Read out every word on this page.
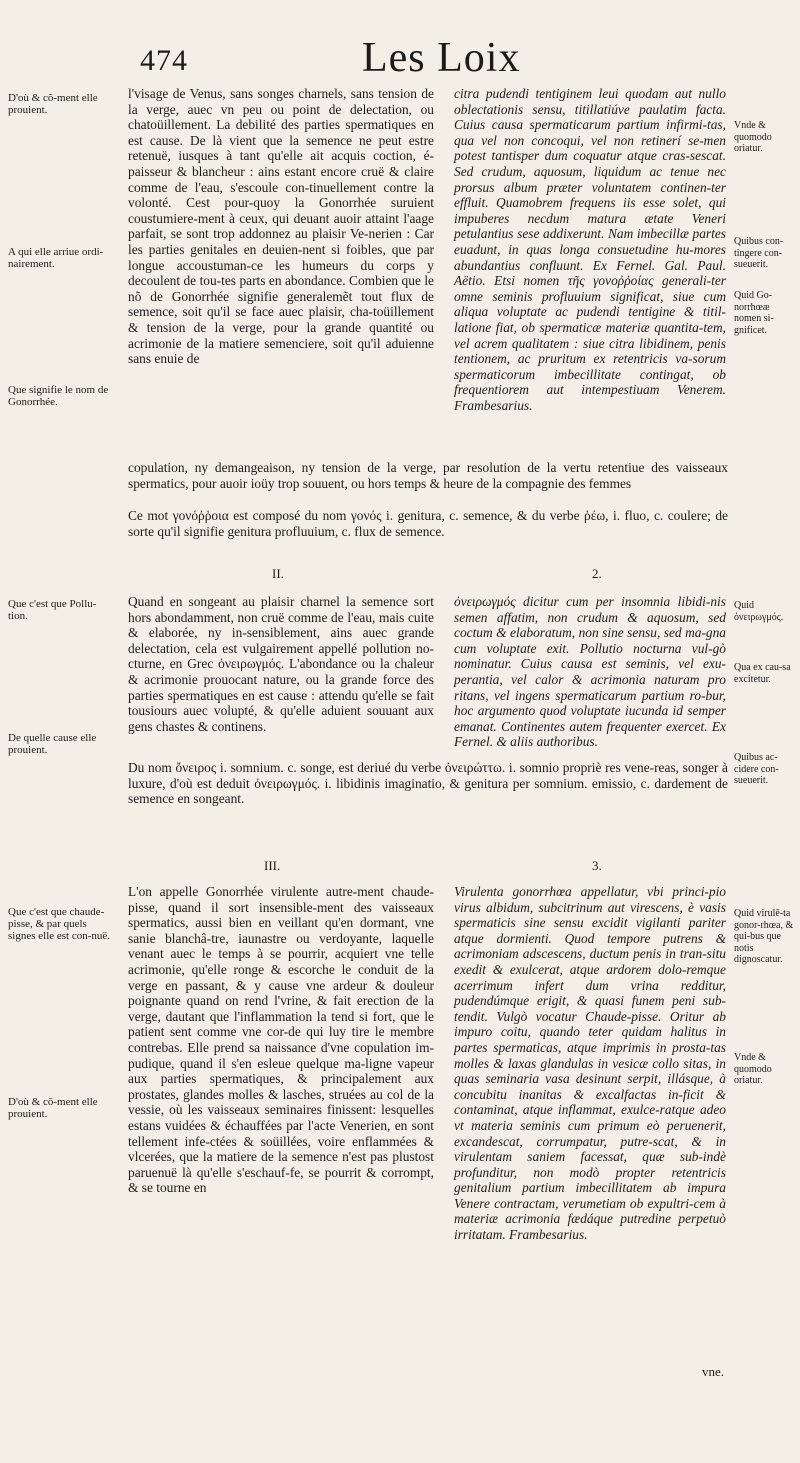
474	Les Loix
D'où & cõ-ment elle prouient.
A qui elle arriue ordi-nairement.
Que signifie le nom de Gonorrhée.
Que c'est que Pollu-tion.
De quelle cause elle prouient.
Que c'est que chaude-pisse, & par quels signes elle est con-nuë.
D'où & cõ-ment elle prouient.
Vnde & quomodo oriatur.
Quibus con-tingere con-sueuerit.
Quid Go-norrhœæ nomen si-gnificet.
Quid ὀνειρωγμός.
Qua ex cau-sa excitetur.
Quibus ac-cidere con-sueuerit.
Quid virulē-ta gonor-rhœa, & qui-bus que notis dignoscatur.
Vnde & quomodo oriatur.

l'visage de Venus, sans songes charnels, sans tension de la verge, auec vn peu ou point de delectation, ou chatoüillement. La debilité des parties spermatiques en est cause. De là vient que la semence ne peut estre retenuë, iusques à tant qu'elle ait acquis coction, é-paisseur & blancheur : ains estant encore cruë & claire comme de l'eau, s'escoule con-tinuellement contre la volonté. Cest pour-quoy la Gonorrhée suruient coustumiere-ment à ceux, qui deuant auoir attaint l'aage parfait, se sont trop addonnez au plaisir Ve-nerien : Car les parties genitales en deuien-nent si foibles, que par longue accoustuman-ce les humeurs du corps y decoulent de tou-tes parts en abondance. Combien que le nõ de Gonorrhée signifie generalemẽt tout flux de semence, soit qu'il se face auec plaisir, cha-toüillement & tension de la verge, pour la grande quantité ou acrimonie de la matiere semenciere, soit qu'il aduienne sans enuie de

citra pudendi tentiginem leui quodam aut nullo oblectationis sensu, titillatiúve paulatim facta. Cuius causa spermaticarum partium infirmi-tas, qua vel non concoqui, vel non retinerí se-men potest tantisper dum coquatur atque cras-sescat. Sed crudum, aquosum, liquidum ac tenue nec prorsus album præter voluntatem continen-ter effluit. Quamobrem frequens iis esse solet, qui impuberes necdum matura ætate Veneri petulantius sese addixerunt. Nam imbecillæ partes euadunt, in quas longa consuetudine hu-mores abundantius confluunt. Ex Fernel. Gal. Paul. Aëtio. Etsi nomen τῆς γονοῤῥοίας generali-ter omne seminis profluuium significat, siue cum aliqua voluptate ac pudendi tentigine & titil-latione fiat, ob spermaticæ materiæ quantita-tem, vel acrem qualitatem : siue citra libidinem, penis tentionem, ac pruritum ex retentricis va-sorum spermaticorum imbecillitate contingat, ob frequentiorem aut intempestiuam Venerem. Frambesarius.

copulation, ny demangeaison, ny tension de la verge, par resolution de la vertu retentiue des vaisseaux spermatics, pour auoir ioüy trop souuent, ou hors temps & heure de la compagnie des femmes

Ce mot γονόῤῥοια est composé du nom γονός i. genitura, c. semence, & du verbe ῥέω, i. fluo, c. coulere; de sorte qu'il signifie genitura profluuium, c. flux de semence.

II.	2.

Quand en songeant au plaisir charnel la semence sort hors abondamment, non cruë comme de l'eau, mais cuite & elaborée, ny in-sensiblement, ains auec grande delectation, cela est vulgairement appellé pollution no-cturne, en Grec ὀνειρωγμός. L'abondance ou la chaleur & acrimonie prouocant nature, ou la grande force des parties spermatiques en est cause : attendu qu'elle se fait tousiours auec volupté, & qu'elle aduient souuant aux gens chastes & continens.

ὀνειρωγμός dicitur cum per insomnia libidi-nis semen affatim, non crudum & aquosum, sed coctum & elaboratum, non sine sensu, sed ma-gna cum voluptate exit. Pollutio nocturna vul-gò nominatur. Cuius causa est seminis, vel exu-perantia, vel calor & acrimonia naturam pro ritans, vel ingens spermaticarum partium ro-bur, hoc argumento quod voluptate iucunda id semper emanat. Continentes autem frequenter exercet. Ex Fernel. & aliis authoribus.

Du nom ὄνειρος i. somnium. c. songe, est deriué du verbe ὀνειρώττω. i. somnio propriè res vene-reas, songer à luxure, d'où est deduit ὀνειρωγμός. i. libidinis imaginatio, & genitura per somnium. emissio, c. dardement de semence en songeant.

III.	3.

L'on appelle Gonorrhée virulente autre-ment chaude-pisse, quand il sort insensible-ment des vaisseaux spermatics, aussi bien en veillant qu'en dormant, vne sanie blanchâ-tre, iaunastre ou verdoyante, laquelle venant auec le temps à se pourrir, acquiert vne telle acrimonie, qu'elle ronge & escorche le conduit de la verge en passant, & y cause vne ardeur & douleur poignante quand on rend l'vrine, & fait erection de la verge, dautant que l'inflammation la tend si fort, que le patient sent comme vne cor-de qui luy tire le membre contrebas. Elle prend sa naissance d'vne copulation im-pudique, quand il s'en esleue quelque ma-ligne vapeur aux parties spermatiques, & principalement aux prostates, glandes molles & lasches, struées au col de la vessie, où les vaisseaux seminaires finissent: lesquelles estans vuidées & échauffées par l'acte Venerien, en sont tellement infe-ctées & soüillées, voire enflammées & vlcerées, que la matiere de la semence n'est pas plustost paruenuë là qu'elle s'eschauf-fe, se pourrit & corrompt, & se tourne en

Virulenta gonorrhœa appellatur, vbi princi-pio virus albidum, subcitrinum aut virescens, è vasis spermaticis sine sensu excidit vigilanti pariter atque dormienti. Quod tempore putrens & acrimoniam adscescens, ductum penis in tran-situ exedit & exulcerat, atque ardorem dolo-remque acerrimum infert dum vrina redditur, pudendúmque erigit, & quasi funem peni sub-tendit. Vulgò vocatur Chaude-pisse. Oritur ab impuro coitu, quando teter quidam halitus in partes spermaticas, atque imprimis in prosta-tas molles & laxas glandulas in vesicæ collo sitas, in quas seminaria vasa desinunt serpit, illásque, à concubitu inanitas & excalfactas in-ficit & contaminat, atque inflammat, exulce-ratque adeo vt materia seminis cum primum eò peruenerit, excandescat, corrumpatur, putre-scat, & in virulentam saniem facessat, quæ sub-indè profunditur, non modò propter retentricis genitalium partium imbecillitatem ab impura Venere contractam, verumetiam ob expultri-cem à materiæ acrimonia fædáque putredine perpetuò irritatam. Frambesarius.

vne.
